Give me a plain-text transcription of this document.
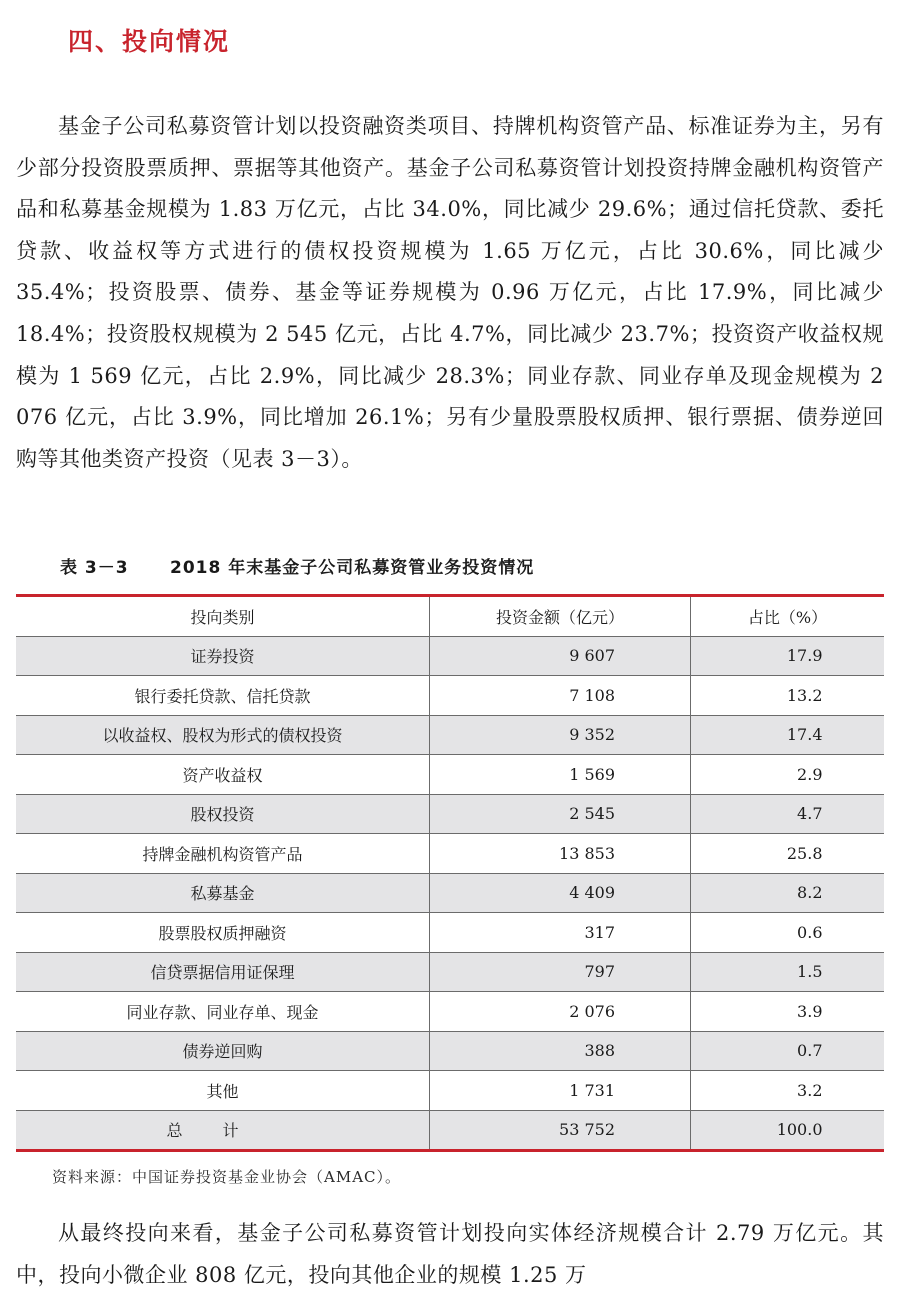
四、投向情况

基金子公司私募资管计划以投资融资类项目、持牌机构资管产品、标准证券为主，另有少部分投资股票质押、票据等其他资产。基金子公司私募资管计划投资持牌金融机构资管产品和私募基金规模为 1.83 万亿元，占比 34.0%，同比减少 29.6%；通过信托贷款、委托贷款、收益权等方式进行的债权投资规模为 1.65 万亿元，占比 30.6%，同比减少 35.4%；投资股票、债券、基金等证券规模为 0.96 万亿元，占比 17.9%，同比减少 18.4%；投资股权规模为 2 545 亿元，占比 4.7%，同比减少 23.7%；投资资产收益权规模为 1 569 亿元，占比 2.9%，同比减少 28.3%；同业存款、同业存单及现金规模为 2 076 亿元，占比 3.9%，同比增加 26.1%；另有少量股票股权质押、银行票据、债券逆回购等其他类资产投资（见表 3－3）。

表 3－3 2018 年末基金子公司私募资管业务投资情况
投向类别	投资金额（亿元）	占比（%）
证券投资	9 607	17.9
银行委托贷款、信托贷款	7 108	13.2
以收益权、股权为形式的债权投资	9 352	17.4
资产收益权	1 569	2.9
股权投资	2 545	4.7
持牌金融机构资管产品	13 853	25.8
私募基金	4 409	8.2
股票股权质押融资	317	0.6
信贷票据信用证保理	797	1.5
同业存款、同业存单、现金	2 076	3.9
债券逆回购	388	0.7
其他	1 731	3.2
总计	53 752	100.0
资料来源：中国证券投资基金业协会（AMAC）。

从最终投向来看，基金子公司私募资管计划投向实体经济规模合计 2.79 万亿元。其中，投向小微企业 808 亿元，投向其他企业的规模 1.25 万
